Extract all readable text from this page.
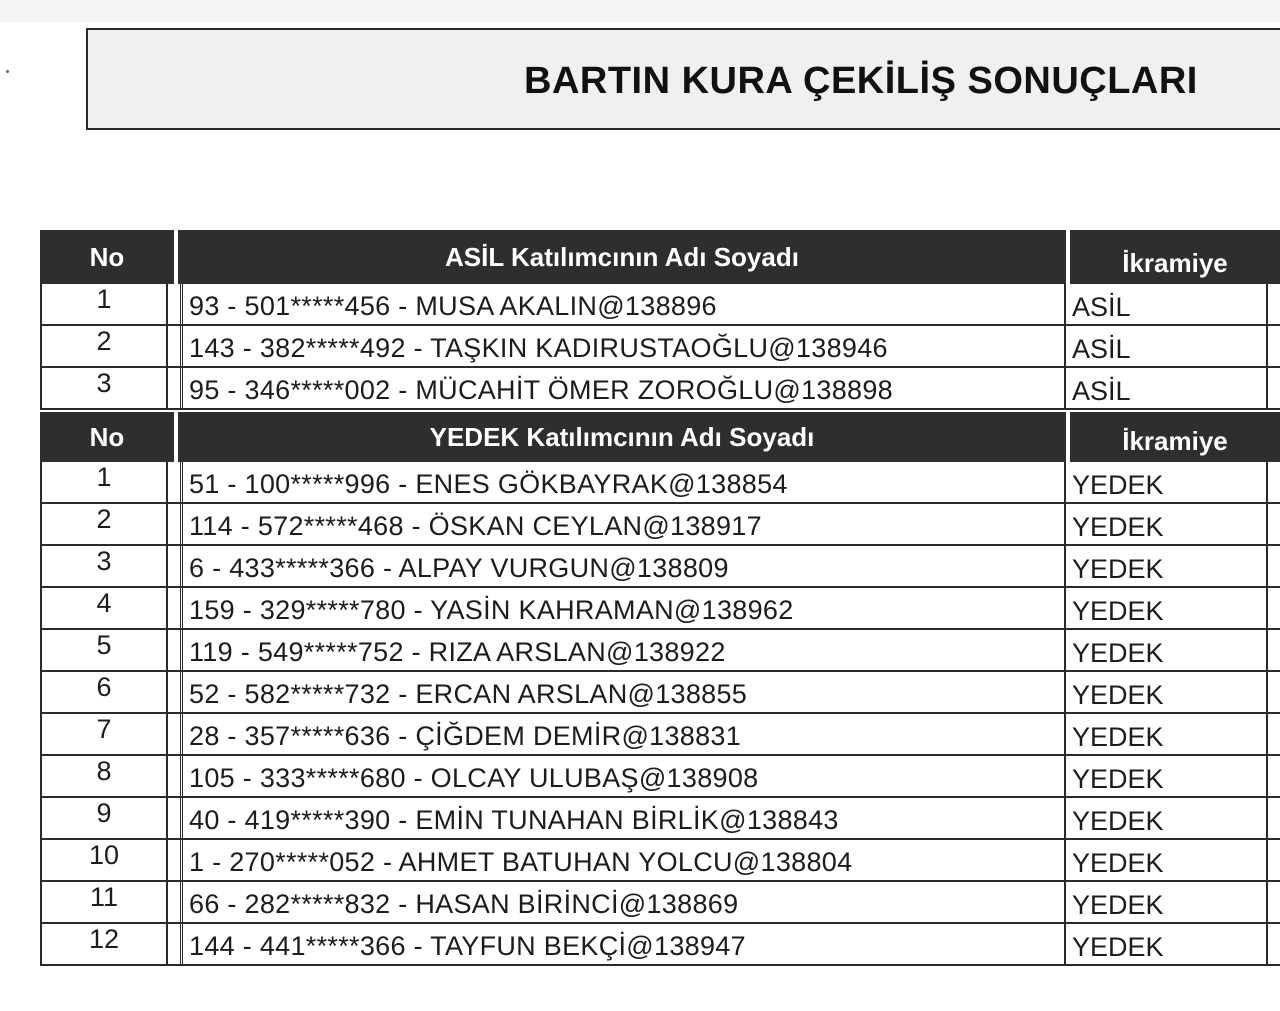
BARTIN KURA ÇEKİLİŞ SONUÇLARI
No	ASİL Katılımcının Adı Soyadı	İkramiye
1	93 - 501*****456 - MUSA AKALIN@138896	ASİL
2	143 - 382*****492 - TAŞKIN KADIRUSTAOĞLU@138946	ASİL
3	95 - 346*****002 - MÜCAHİT ÖMER ZOROĞLU@138898	ASİL
No	YEDEK Katılımcının Adı Soyadı	İkramiye
1	51 - 100*****996 - ENES GÖKBAYRAK@138854	YEDEK
2	114 - 572*****468 - ÖSKAN CEYLAN@138917	YEDEK
3	6 - 433*****366 - ALPAY VURGUN@138809	YEDEK
4	159 - 329*****780 - YASİN KAHRAMAN@138962	YEDEK
5	119 - 549*****752 - RIZA ARSLAN@138922	YEDEK
6	52 - 582*****732 - ERCAN ARSLAN@138855	YEDEK
7	28 - 357*****636 - ÇİĞDEM DEMİR@138831	YEDEK
8	105 - 333*****680 - OLCAY ULUBAŞ@138908	YEDEK
9	40 - 419*****390 - EMİN TUNAHAN BİRLİK@138843	YEDEK
10	1 - 270*****052 - AHMET BATUHAN YOLCU@138804	YEDEK
11	66 - 282*****832 - HASAN BİRİNCİ@138869	YEDEK
12	144 - 441*****366 - TAYFUN BEKÇİ@138947	YEDEK
